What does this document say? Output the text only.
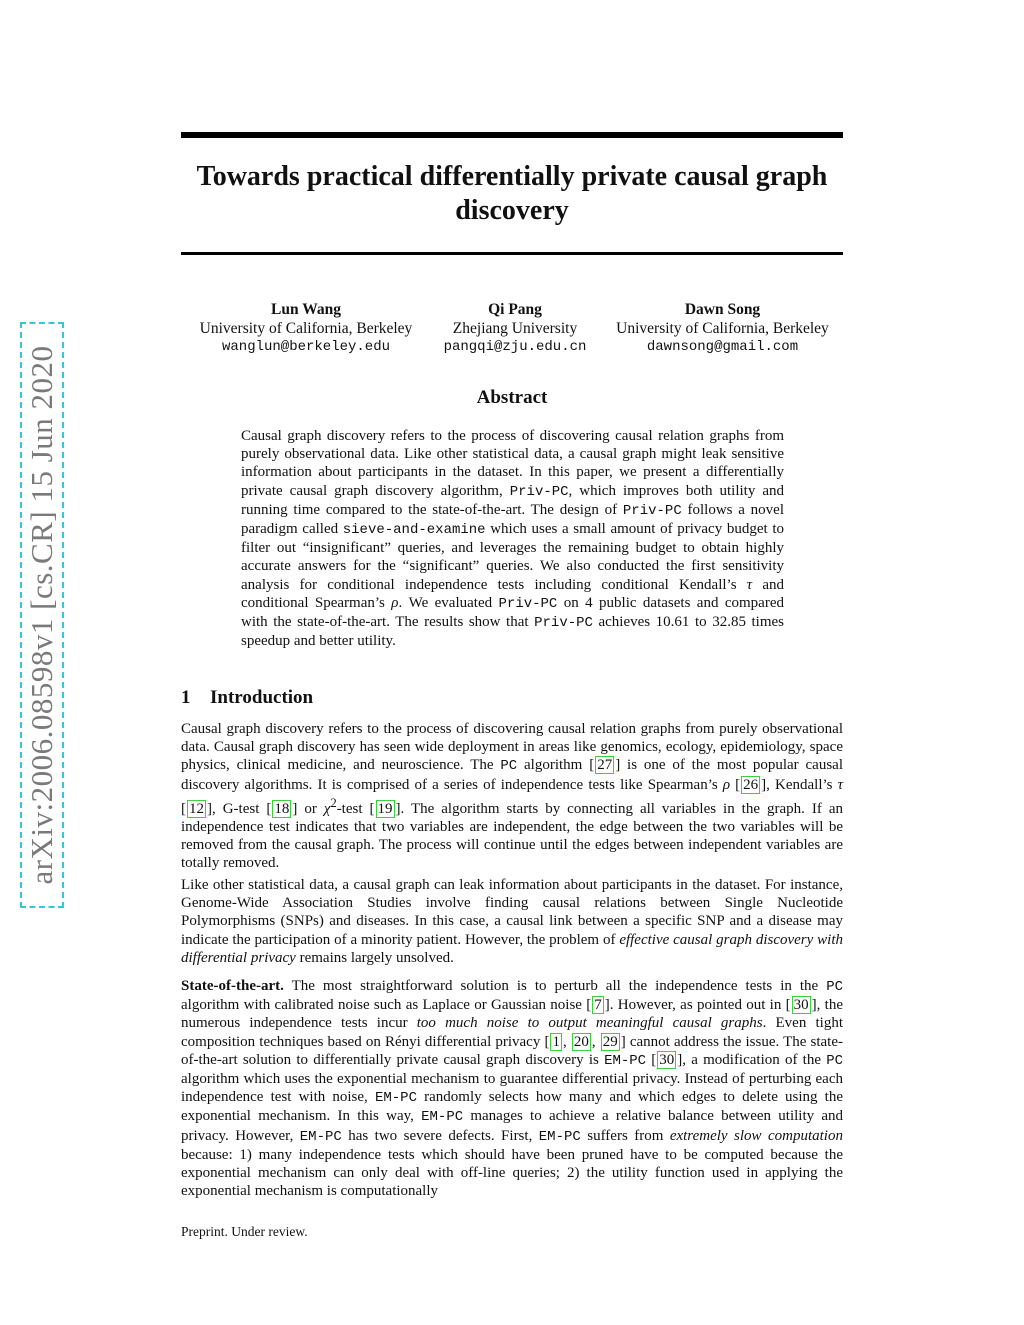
arXiv:2006.08598v1 [cs.CR] 15 Jun 2020
Towards practical differentially private causal graph
discovery
Lun Wang
University of California, Berkeley
wanglun@berkeley.edu
Qi Pang
Zhejiang University
pangqi@zju.edu.cn
Dawn Song
University of California, Berkeley
dawnsong@gmail.com
Abstract
Causal graph discovery refers to the process of discovering causal relation graphs from purely observational data. Like other statistical data, a causal graph might leak sensitive information about participants in the dataset. In this paper, we present a differentially private causal graph discovery algorithm, Priv-PC, which improves both utility and running time compared to the state-of-the-art. The design of Priv-PC follows a novel paradigm called sieve-and-examine which uses a small amount of privacy budget to filter out “insignificant” queries, and leverages the remaining budget to obtain highly accurate answers for the “significant” queries. We also conducted the first sensitivity analysis for conditional independence tests including conditional Kendall’s τ and conditional Spearman’s ρ. We evaluated Priv-PC on 4 public datasets and compared with the state-of-the-art. The results show that Priv-PC achieves 10.61 to 32.85 times speedup and better utility.
1 Introduction
Causal graph discovery refers to the process of discovering causal relation graphs from purely observational data. Causal graph discovery has seen wide deployment in areas like genomics, ecology, epidemiology, space physics, clinical medicine, and neuroscience. The PC algorithm [ 27 ] is one of the most popular causal discovery algorithms. It is comprised of a series of independence tests like Spearman’s ρ [ 26 ], Kendall’s τ [ 12 ], G-test [ 18 ] or $\chi^2$-test [ 19 ]. The algorithm starts by connecting all variables in the graph. If an independence test indicates that two variables are independent, the edge between the two variables will be removed from the causal graph. The process will continue until the edges between independent variables are totally removed.
Like other statistical data, a causal graph can leak information about participants in the dataset. For instance, Genome-Wide Association Studies involve finding causal relations between Single Nucleotide Polymorphisms (SNPs) and diseases. In this case, a causal link between a specific SNP and a disease may indicate the participation of a minority patient. However, the problem of effective causal graph discovery with differential privacy remains largely unsolved.
State-of-the-art. The most straightforward solution is to perturb all the independence tests in the PC algorithm with calibrated noise such as Laplace or Gaussian noise [ 7 ]. However, as pointed out in [ 30 ], the numerous independence tests incur too much noise to output meaningful causal graphs. Even tight composition techniques based on Rényi differential privacy [ 1 , 20 , 29 ] cannot address the issue. The state-of-the-art solution to differentially private causal graph discovery is EM-PC [ 30 ], a modification of the PC algorithm which uses the exponential mechanism to guarantee differential privacy. Instead of perturbing each independence test with noise, EM-PC randomly selects how many and which edges to delete using the exponential mechanism. In this way, EM-PC manages to achieve a relative balance between utility and privacy. However, EM-PC has two severe defects. First, EM-PC suffers from extremely slow computation because: 1) many independence tests which should have been pruned have to be computed because the exponential mechanism can only deal with off-line queries; 2) the utility function used in applying the exponential mechanism is computationally
Preprint. Under review.
